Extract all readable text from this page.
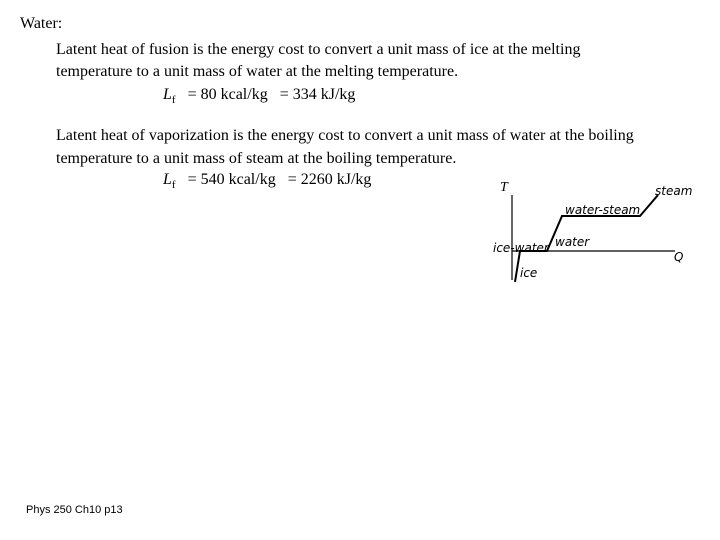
Water:
Latent heat of fusion is the energy cost to convert a unit mass of ice at the melting
temperature to a unit mass of water at the melting temperature.
$L_f = 80$ kcal/kg = 334 kJ/kg
Latent heat of vaporization is the energy cost to convert a unit mass of water at the boiling
temperature to a unit mass of steam at the boiling temperature.
$L_f = 540$ kcal/kg = 2260 kJ/kg	T
Q
steam
water-steam
water
ice-water
ice
Phys 250 Ch10 p13
